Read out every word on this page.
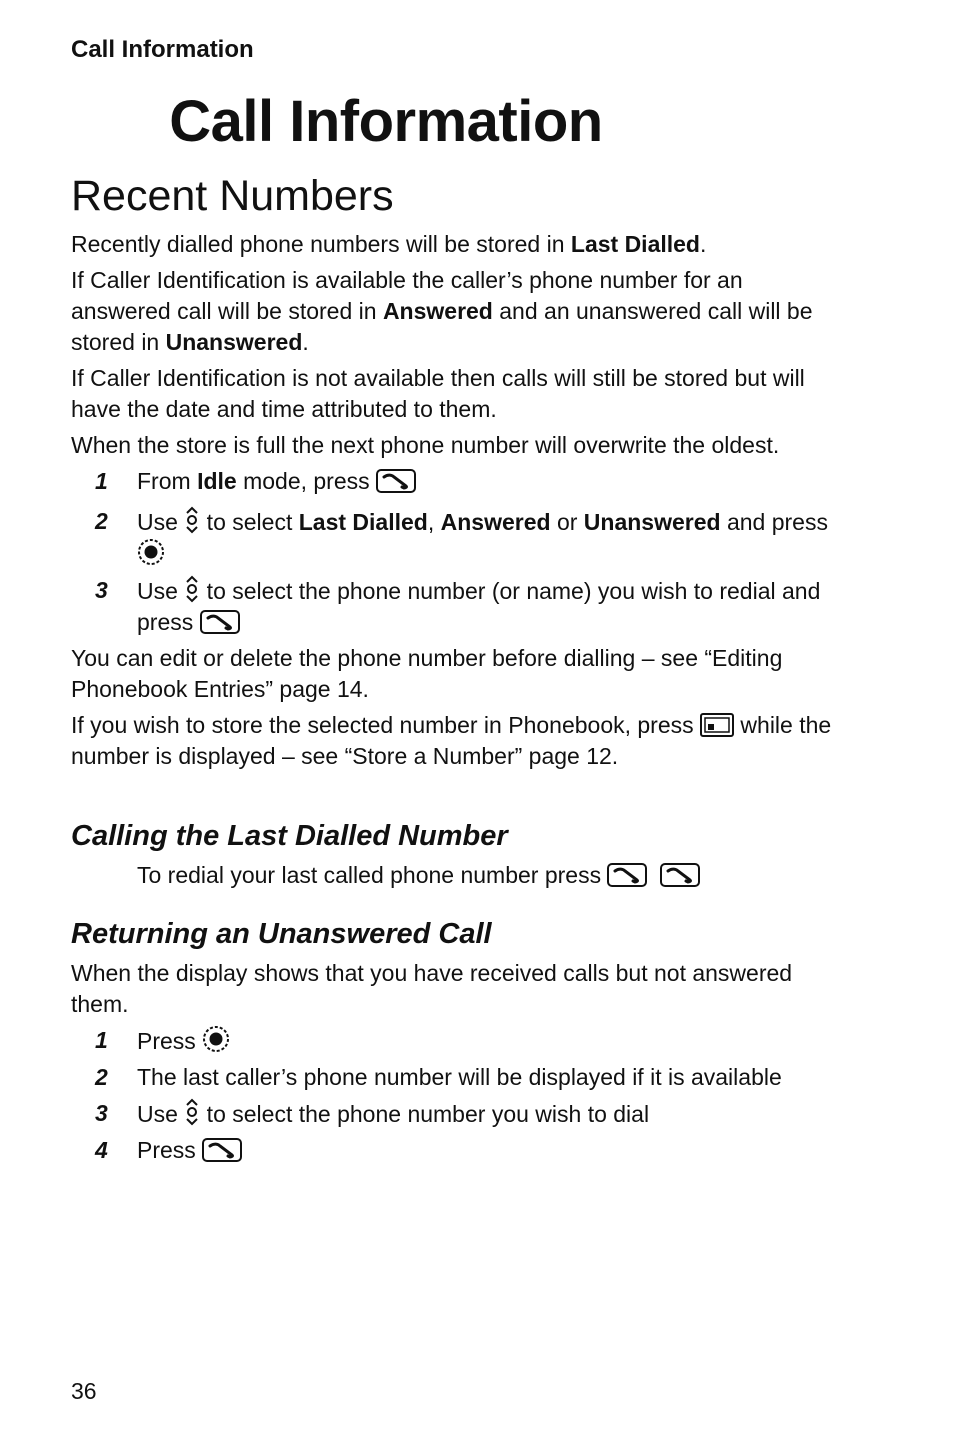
Call Information
Call Information
Recent Numbers

Recently dialled phone numbers will be stored in Last Dialled.

If Caller Identification is available the caller’s phone number for an answered call will be stored in Answered and an unanswered call will be stored in Unanswered.

If Caller Identification is not available then calls will still be stored but will have the date and time attributed to them.

When the store is full the next phone number will overwrite the oldest.

1 From Idle mode, press

2 Use
to select Last Dialled, Answered or Unanswered and press

3 Use
to select the phone number (or name) you wish to redial and press

You can edit or delete the phone number before dialling – see “Editing Phonebook Entries” page 14.

If you wish to store the selected number in Phonebook, press
while the number is displayed – see “Store a Number” page 12.

Calling the Last Dialled Number

To redial your last called phone number press

Returning an Unanswered Call

When the display shows that you have received calls but not answered them.

1 Press

2 The last caller’s phone number will be displayed if it is available

3 Use
to select the phone number you wish to dial

4 Press

36
